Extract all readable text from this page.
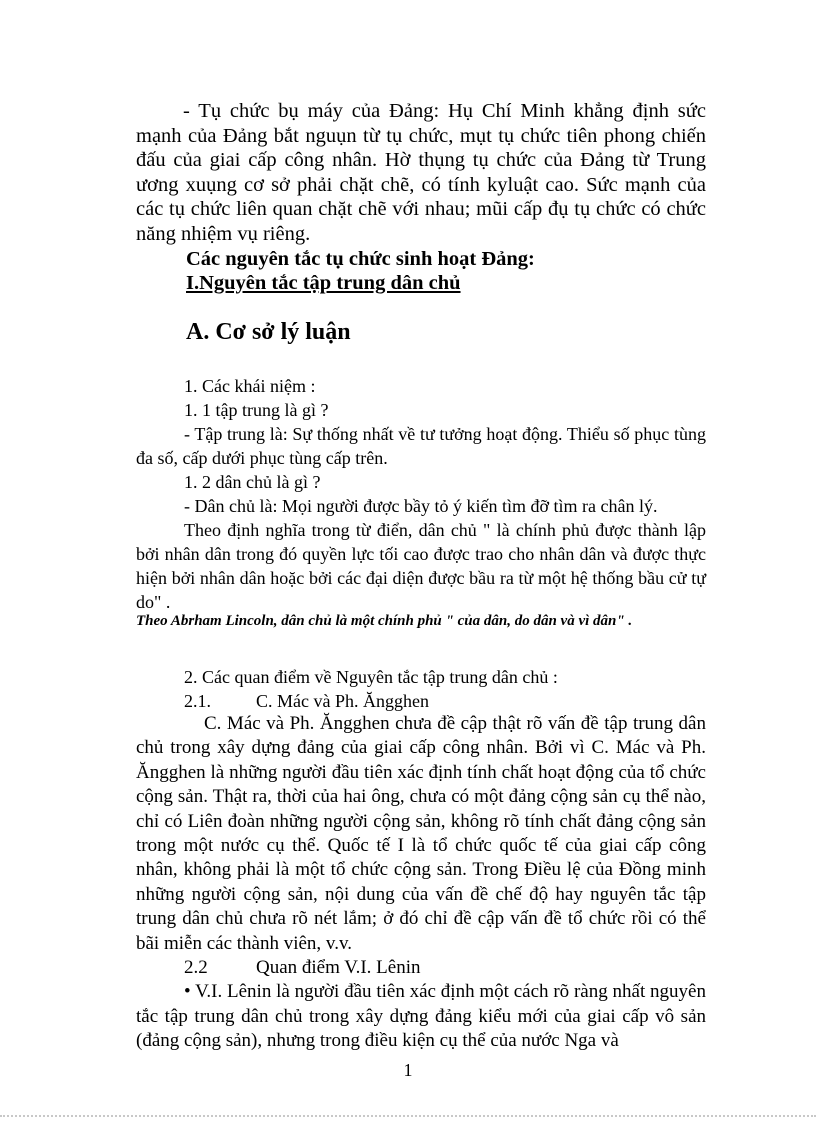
- Tụ chức bụ máy của Đảng: Hụ Chí Minh khẳng định sức mạnh của Đảng bắt nguụn từ tụ chức, mụt tụ chức tiên phong chiến đấu của giai cấp công nhân. Hờ thụng tụ chức của Đảng từ Trung ương xuụng cơ sở phải chặt chẽ, có tính kyluật cao. Sức mạnh của các tụ chức liên quan chặt chẽ với nhau; mũi cấp đụ tụ chức có chức năng nhiệm vụ riêng.

Các nguyên tắc tụ chức sinh hoạt Đảng:

I.Nguyên tắc tập trung dân chủ

A. Cơ sở lý luận

1. Các khái niệm :

1. 1 tập trung là gì ?

- Tập trung là: Sự thống nhất về tư tưởng hoạt động. Thiểu số phục tùng đa số, cấp dưới phục tùng cấp trên.

1. 2 dân chủ là gì ?

- Dân chủ là: Mọi người được bầy tỏ ý kiến tìm đỡ tìm ra chân lý.

Theo định nghĩa trong từ điển, dân chủ " là chính phủ được thành lập bởi nhân dân trong đó quyền lực tối cao được trao cho nhân dân và được thực hiện bởi nhân dân hoặc bởi các đại diện được bầu ra từ một hệ thống bầu cử tự do" .

Theo Abrham Lincoln, dân chủ là một chính phủ " của dân, do dân và vì dân" .

2. Các quan điểm về Nguyên tắc tập trung dân chủ :

2.1.	C. Mác và Ph. Ăngghen

C. Mác và Ph. Ăngghen chưa đề cập thật rõ vấn đề tập trung dân chủ trong xây dựng đảng của giai cấp công nhân. Bởi vì C. Mác và Ph. Ăngghen là những người đầu tiên xác định tính chất hoạt động của tổ chức cộng sản. Thật ra, thời của hai ông, chưa có một đảng cộng sản cụ thể nào, chỉ có Liên đoàn những người cộng sản, không rõ tính chất đảng cộng sản trong một nước cụ thể. Quốc tế I là tổ chức quốc tế của giai cấp công nhân, không phải là một tổ chức cộng sản. Trong Điều lệ của Đồng minh những người cộng sản, nội dung của vấn đề chế độ hay nguyên tắc tập trung dân chủ chưa rõ nét lắm; ở đó chỉ đề cập vấn đề tổ chức rồi có thể bãi miễn các thành viên, v.v.

2.2	Quan điểm V.I. Lênin

• V.I. Lênin là người đầu tiên xác định một cách rõ ràng nhất nguyên tắc tập trung dân chủ trong xây dựng đảng kiểu mới của giai cấp vô sản (đảng cộng sản), nhưng trong điều kiện cụ thể của nước Nga và

1
